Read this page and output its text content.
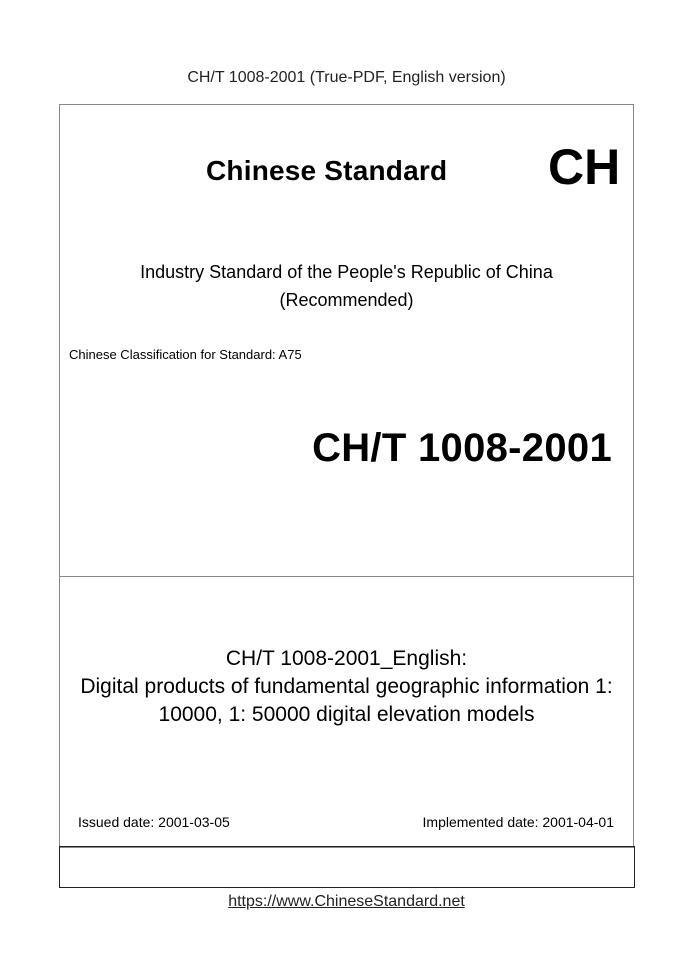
CH/T 1008-2001 (True-PDF, English version)
Chinese Standard CH
Industry Standard of the People's Republic of China
(Recommended)
Chinese Classification for Standard: A75
CH/T 1008-2001
CH/T 1008-2001_English:
Digital products of fundamental geographic information 1:
10000, 1: 50000 digital elevation models
Issued date: 2001-03-05	Implemented date: 2001-04-01
https://www.ChineseStandard.net
